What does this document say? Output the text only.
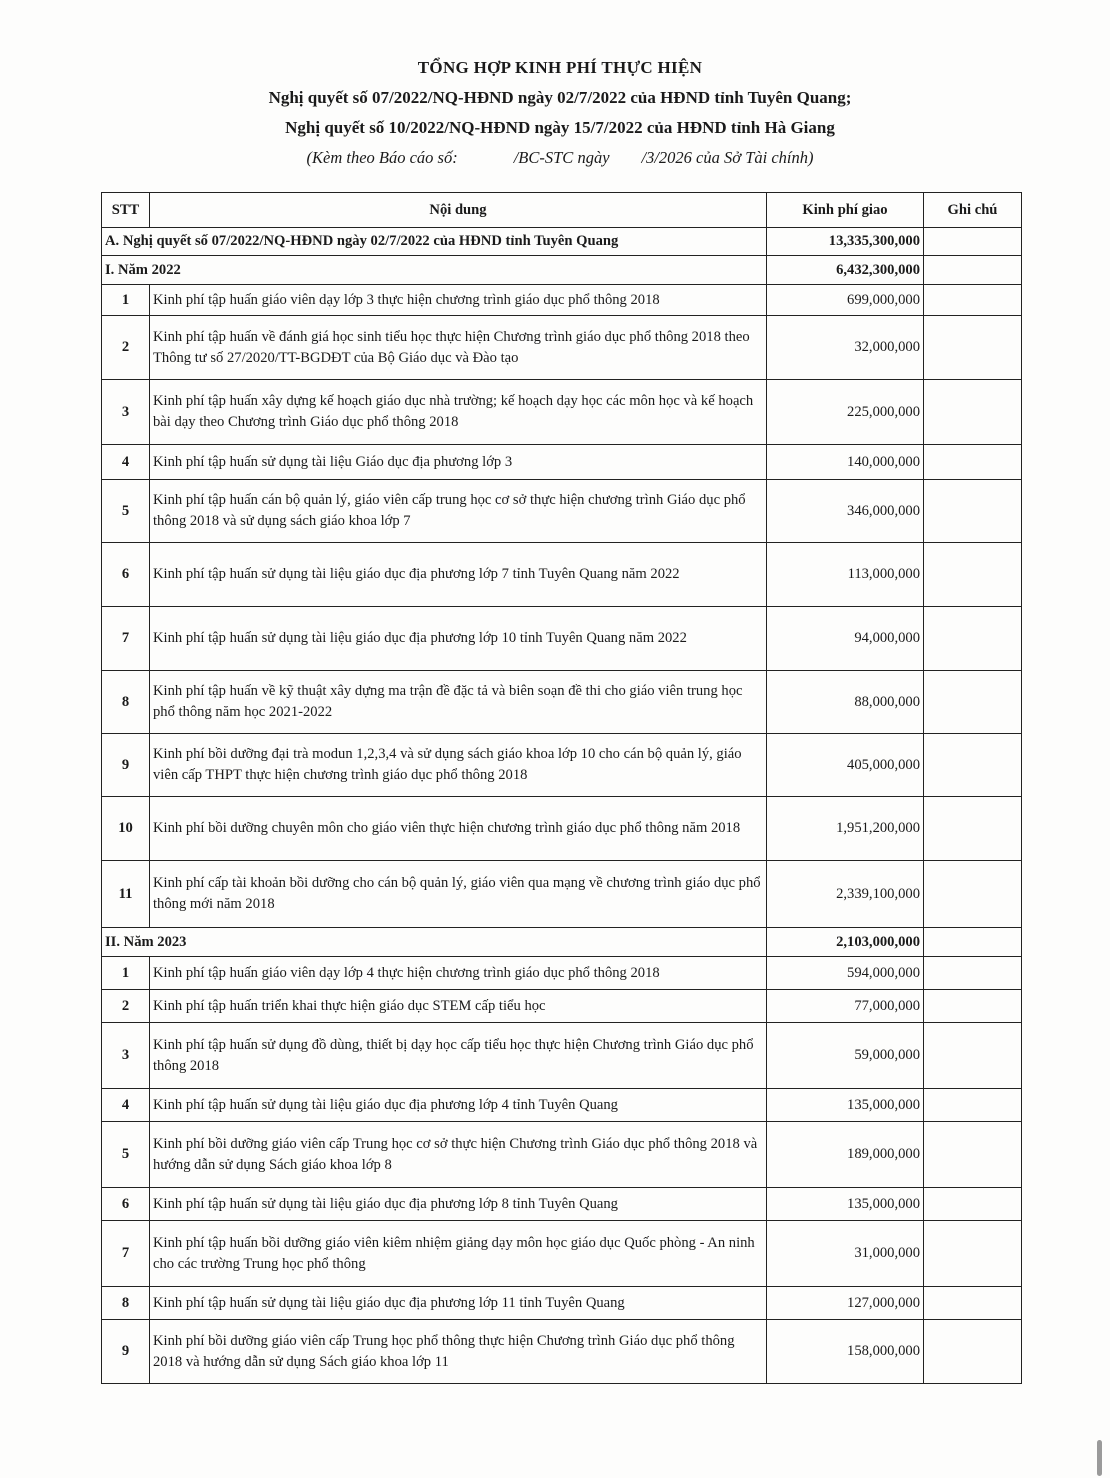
TỔNG HỢP KINH PHÍ THỰC HIỆN
Nghị quyết số 07/2022/NQ-HĐND ngày 02/7/2022 của HĐND tỉnh Tuyên Quang;
Nghị quyết số 10/2022/NQ-HĐND ngày 15/7/2022 của HĐND tỉnh Hà Giang
(Kèm theo Báo cáo số:	/BC-STC ngày /3/2026 của Sở Tài chính)
STT	Nội dung	Kinh phí giao	Ghi chú
A. Nghị quyết số 07/2022/NQ-HĐND ngày 02/7/2022 của HĐND tỉnh Tuyên Quang		13,335,300,000	
I. Năm 2022		6,432,300,000	
1	Kinh phí tập huấn giáo viên dạy lớp 3 thực hiện chương trình giáo dục phổ thông 2018	699,000,000	
2	Kinh phí tập huấn về đánh giá học sinh tiểu học thực hiện Chương trình giáo dục phổ thông 2018 theo Thông tư số 27/2020/TT-BGDĐT của Bộ Giáo dục và Đào tạo	32,000,000	
3	Kinh phí tập huấn xây dựng kế hoạch giáo dục nhà trường; kế hoạch dạy học các môn học và kế hoạch bài dạy theo Chương trình Giáo dục phổ thông 2018	225,000,000	
4	Kinh phí tập huấn sử dụng tài liệu Giáo dục địa phương lớp 3	140,000,000	
5	Kinh phí tập huấn cán bộ quản lý, giáo viên cấp trung học cơ sở thực hiện chương trình Giáo dục phổ thông 2018 và sử dụng sách giáo khoa lớp 7	346,000,000	
6	Kinh phí tập huấn sử dụng tài liệu giáo dục địa phương lớp 7 tỉnh Tuyên Quang năm 2022	113,000,000	
7	Kinh phí tập huấn sử dụng tài liệu giáo dục địa phương lớp 10 tỉnh Tuyên Quang năm 2022	94,000,000	
8	Kinh phí tập huấn về kỹ thuật xây dựng ma trận đề đặc tả và biên soạn đề thi cho giáo viên trung học phổ thông năm học 2021-2022	88,000,000	
9	Kinh phí bồi dưỡng đại trà modun 1,2,3,4 và sử dụng sách giáo khoa lớp 10 cho cán bộ quản lý, giáo viên cấp THPT thực hiện chương trình giáo dục phổ thông 2018	405,000,000	
10	Kinh phí bồi dưỡng chuyên môn cho giáo viên thực hiện chương trình giáo dục phổ thông năm 2018	1,951,200,000	
11	Kinh phí cấp tài khoản bồi dưỡng cho cán bộ quản lý, giáo viên qua mạng về chương trình giáo dục phổ thông mới năm 2018	2,339,100,000	
II. Năm 2023		2,103,000,000	
1	Kinh phí tập huấn giáo viên dạy lớp 4 thực hiện chương trình giáo dục phổ thông 2018	594,000,000	
2	Kinh phí tập huấn triển khai thực hiện giáo dục STEM cấp tiểu học	77,000,000	
3	Kinh phí tập huấn sử dụng đồ dùng, thiết bị dạy học cấp tiểu học thực hiện Chương trình Giáo dục phổ thông 2018	59,000,000	
4	Kinh phí tập huấn sử dụng tài liệu giáo dục địa phương lớp 4 tỉnh Tuyên Quang	135,000,000	
5	Kinh phí bồi dưỡng giáo viên cấp Trung học cơ sở thực hiện Chương trình Giáo dục phổ thông 2018 và hướng dẫn sử dụng Sách giáo khoa lớp 8	189,000,000	
6	Kinh phí tập huấn sử dụng tài liệu giáo dục địa phương lớp 8 tỉnh Tuyên Quang	135,000,000	
7	Kinh phí tập huấn bồi dưỡng giáo viên kiêm nhiệm giảng dạy môn học giáo dục Quốc phòng - An ninh cho các trường Trung học phổ thông	31,000,000	
8	Kinh phí tập huấn sử dụng tài liệu giáo dục địa phương lớp 11 tỉnh Tuyên Quang	127,000,000	
9	Kinh phí bồi dưỡng giáo viên cấp Trung học phổ thông thực hiện Chương trình Giáo dục phổ thông 2018 và hướng dẫn sử dụng Sách giáo khoa lớp 11	158,000,000	
